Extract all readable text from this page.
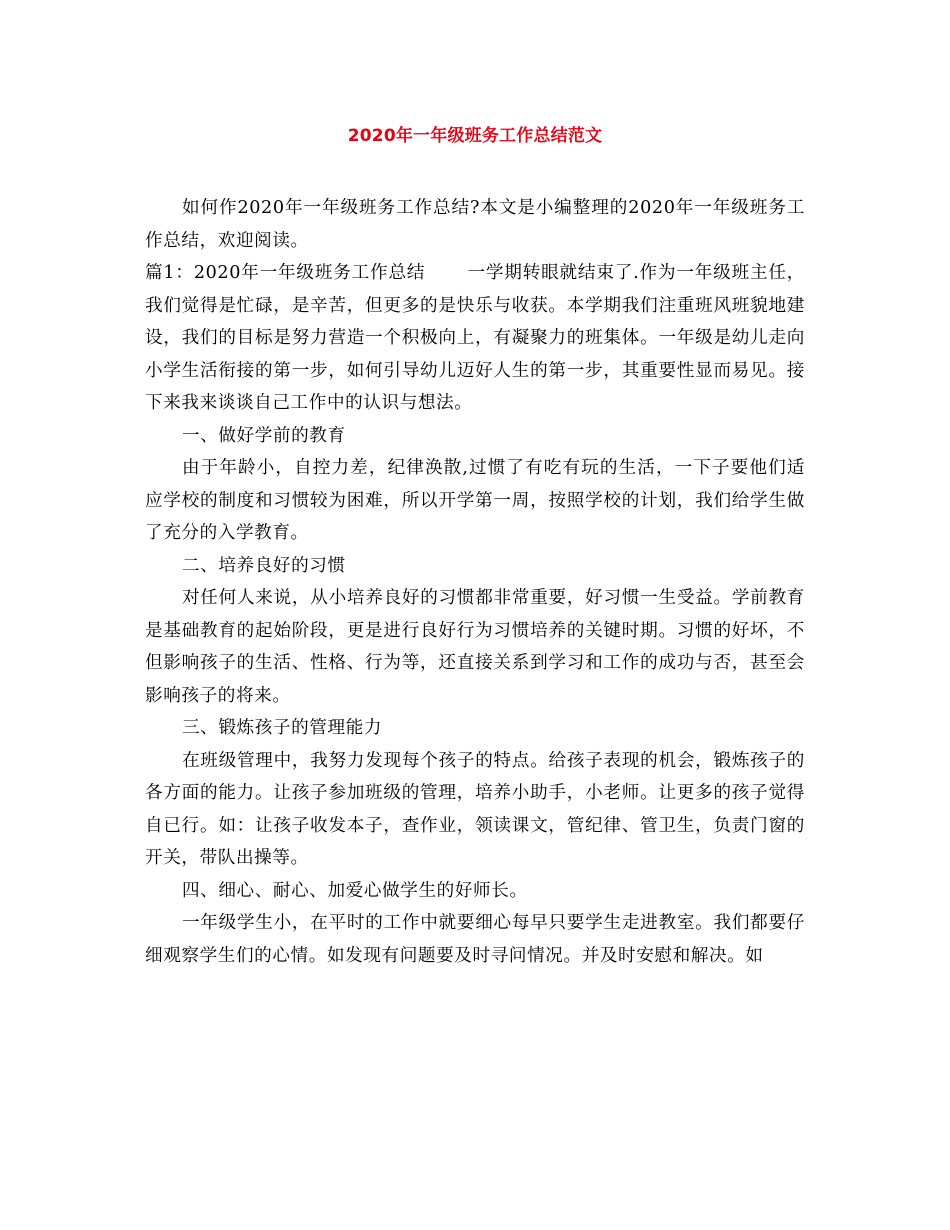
2020年一年级班务工作总结范文

如何作2020年一年级班务工作总结?本文是小编整理的2020年一年级班务工作总结，欢迎阅读。

篇1：2020年一年级班务工作总结 一学期转眼就结束了.作为一年级班主任，我们觉得是忙碌，是辛苦，但更多的是快乐与收获。本学期我们注重班风班貌地建设，我们的目标是努力营造一个积极向上，有凝聚力的班集体。一年级是幼儿走向小学生活衔接的第一步，如何引导幼儿迈好人生的第一步，其重要性显而易见。接下来我来谈谈自己工作中的认识与想法。

一、做好学前的教育

由于年龄小，自控力差，纪律涣散,过惯了有吃有玩的生活，一下子要他们适应学校的制度和习惯较为困难，所以开学第一周，按照学校的计划，我们给学生做了充分的入学教育。

二、培养良好的习惯

对任何人来说，从小培养良好的习惯都非常重要，好习惯一生受益。学前教育是基础教育的起始阶段，更是进行良好行为习惯培养的关键时期。习惯的好坏，不但影响孩子的生活、性格、行为等，还直接关系到学习和工作的成功与否，甚至会影响孩子的将来。

三、锻炼孩子的管理能力

在班级管理中，我努力发现每个孩子的特点。给孩子表现的机会，锻炼孩子的各方面的能力。让孩子参加班级的管理，培养小助手，小老师。让更多的孩子觉得自已行。如：让孩子收发本子，查作业，领读课文，管纪律、管卫生，负责门窗的开关，带队出操等。

四、细心、耐心、加爱心做学生的好师长。

一年级学生小，在平时的工作中就要细心每早只要学生走进教室。我们都要仔细观察学生们的心情。如发现有问题要及时寻问情况。并及时安慰和解决。如
